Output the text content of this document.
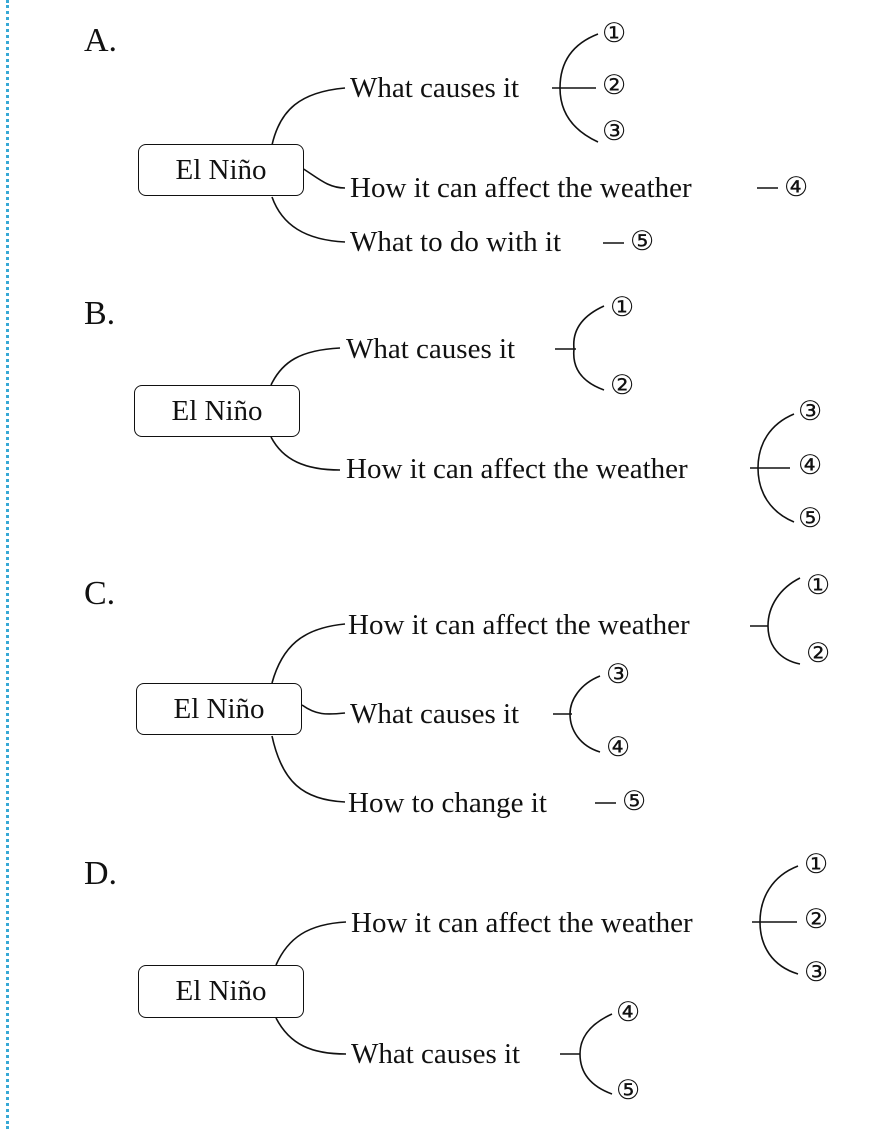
A.
El Niño
What causes it
How it can affect the weather
What to do with it
①
②
③
④
⑤
B.
El Niño
What causes it
How it can affect the weather
①
②
③
④
⑤
C.
El Niño
How it can affect the weather
What causes it
How to change it
①
②
③
④
⑤
D.
El Niño
How it can affect the weather
What causes it
①
②
③
④
⑤
